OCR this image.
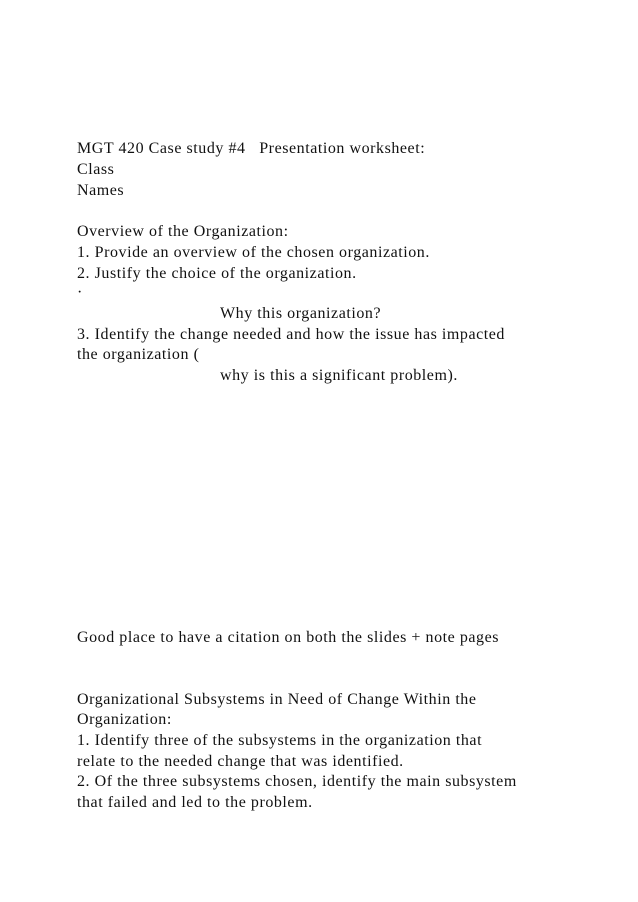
MGT 420 Case study #4   Presentation worksheet:
Class
Names
Overview of the Organization:
1. Provide an overview of the chosen organization.
2. Justify the choice of the organization.
·
Why this organization?
3. Identify the change needed and how the issue has impacted
the organization (
why is this a significant problem).
Good place to have a citation on both the slides + note pages
Organizational Subsystems in Need of Change Within the
Organization:
1. Identify three of the subsystems in the organization that
relate to the needed change that was identified.
2. Of the three subsystems chosen, identify the main subsystem
that failed and led to the problem.
